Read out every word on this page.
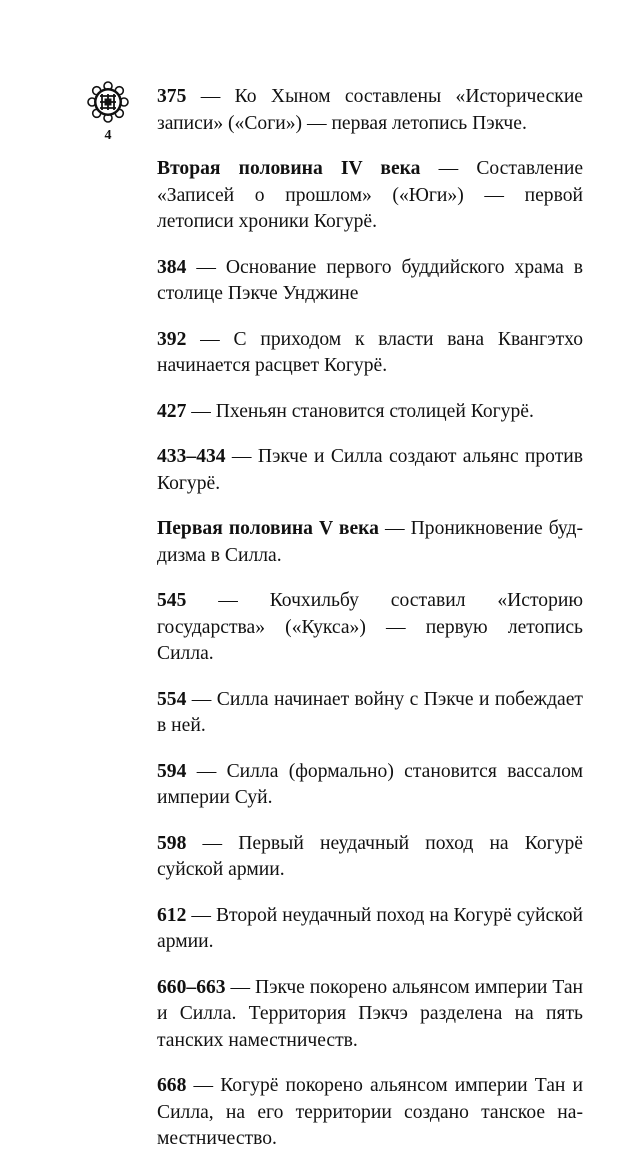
4
375 — Ко Хыном составлены «Исторические записи» («Соги») — первая летопись Пэкче.
Вторая половина IV века — Составление «Записей о прошлом» («Юги») — первой летописи хроники Когурё.
384 — Основание первого буддийского храма в столице Пэкче Унджине
392 — С приходом к власти вана Квангэтхо начинается расцвет Когурё.
427 — Пхеньян становится столицей Когурё.
433–434 — Пэкче и Силла создают альянс против Когурё.
Первая половина V века — Проникновение буддизма в Силла.
545 — Кочхильбу составил «Историю государства» («Кукса») — первую летопись Силла.
554 — Силла начинает войну с Пэкче и побеждает в ней.
594 — Силла (формально) становится вассалом империи Суй.
598 — Первый неудачный поход на Когурё суйской армии.
612 — Второй неудачный поход на Когурё суйской армии.
660–663 — Пэкче покорено альянсом империи Тан и Силла. Территория Пэкчэ разделена на пять танских наместничеств.
668 — Когурё покорено альянсом империи Тан и Силла, на его территории создано танское наместничество.
